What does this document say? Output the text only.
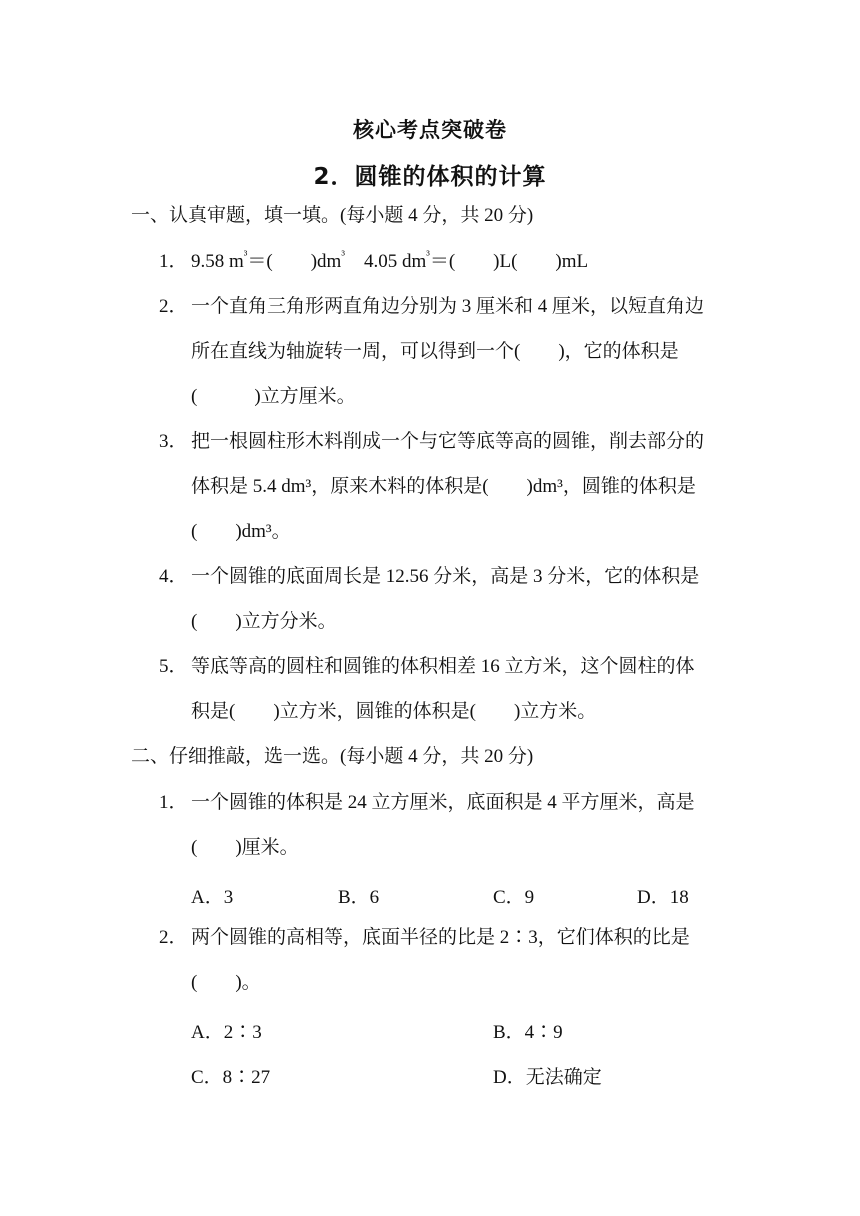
核心考点突破卷
2．圆锥的体积的计算
一、认真审题，填一填。(每小题 4 分，共 20 分)
1． 9.58 $m^{^3}=$(　　)$dm^{^3}$　4.05 $dm^{^3}=$(　　)L(　　)mL
2． 一个直角三角形两直角边分别为 3 厘米和 4 厘米，以短直角边
所在直线为轴旋转一周，可以得到一个(　　)，它的体积是
(　　　)立方厘米。
3． 把一根圆柱形木料削成一个与它等底等高的圆锥，削去部分的
体积是 5.4 dm³，原来木料的体积是(　　)dm³，圆锥的体积是
(　　)dm³。
4． 一个圆锥的底面周长是 12.56 分米，高是 3 分米，它的体积是
(　　)立方分米。
5． 等底等高的圆柱和圆锥的体积相差 16 立方米，这个圆柱的体
积是(　　)立方米，圆锥的体积是(　　)立方米。
二、仔细推敲，选一选。(每小题 4 分，共 20 分)
1． 一个圆锥的体积是 24 立方厘米，底面积是 4 平方厘米，高是
(　　)厘米。
A．3	B．6	C．9	D．18
2． 两个圆锥的高相等，底面半径的比是 2∶3，它们体积的比是
(　　)。
A．2∶3	B．4∶9
C．8∶27	D．无法确定
